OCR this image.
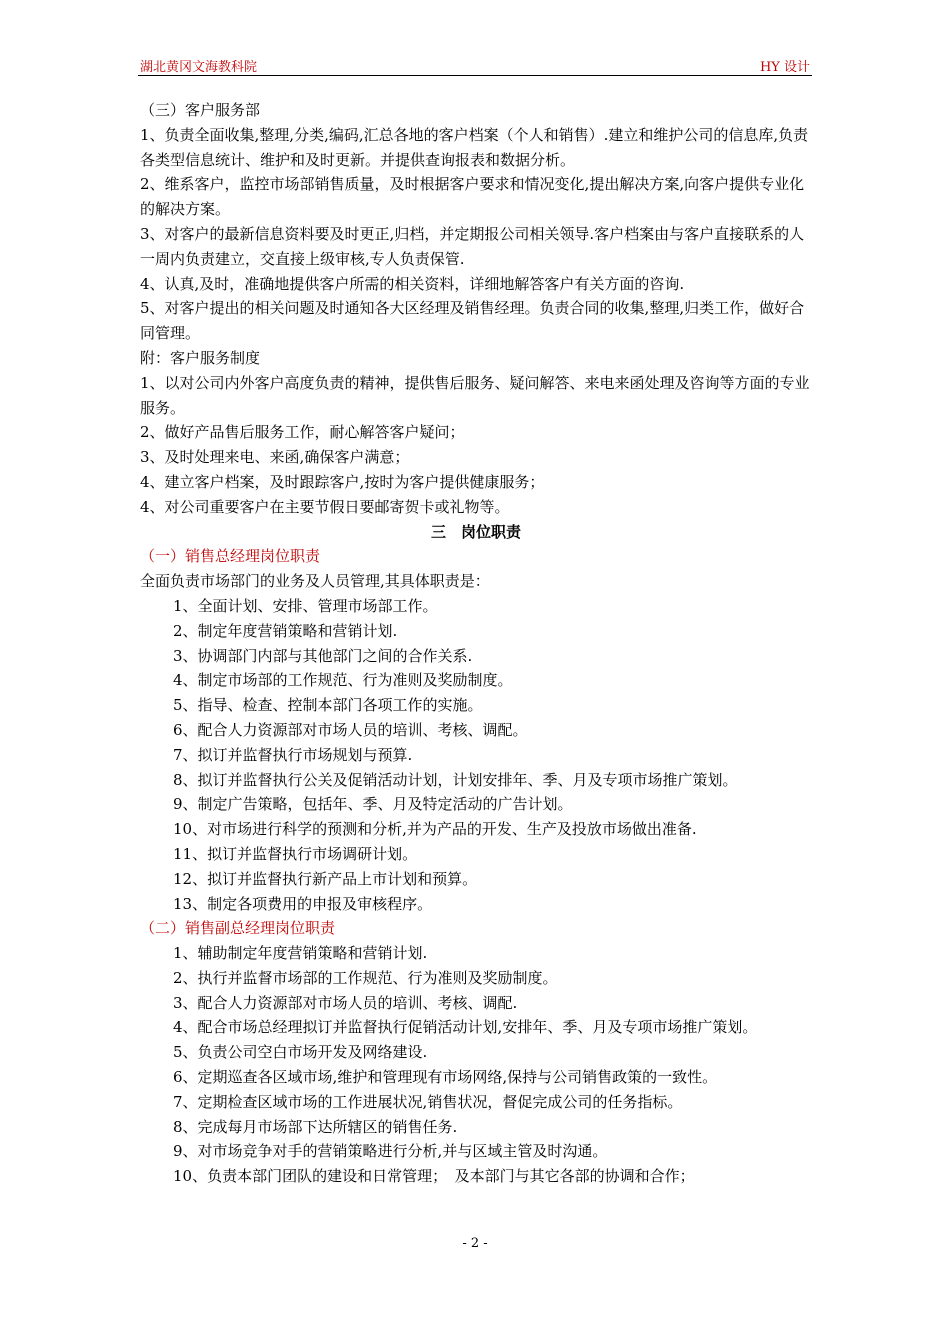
湖北黄冈文海教科院	HY 设计

（三）客户服务部

1、负责全面收集,整理,分类,编码,汇总各地的客户档案（个人和销售）.建立和维护公司的信息库,负责各类型信息统计、维护和及时更新。并提供查询报表和数据分析。

2、维系客户，监控市场部销售质量，及时根据客户要求和情况变化,提出解决方案,向客户提供专业化的解决方案。

3、对客户的最新信息资料要及时更正,归档，并定期报公司相关领导.客户档案由与客户直接联系的人一周内负责建立，交直接上级审核,专人负责保管.

4、认真,及时，准确地提供客户所需的相关资料，详细地解答客户有关方面的咨询.

5、对客户提出的相关问题及时通知各大区经理及销售经理。负责合同的收集,整理,归类工作，做好合同管理。

附：客户服务制度

1、以对公司内外客户高度负责的精神，提供售后服务、疑问解答、来电来函处理及咨询等方面的专业服务。

2、做好产品售后服务工作，耐心解答客户疑问；

3、及时处理来电、来函,确保客户满意；

4、建立客户档案，及时跟踪客户,按时为客户提供健康服务；

4、对公司重要客户在主要节假日要邮寄贺卡或礼物等。

三　岗位职责

（一）销售总经理岗位职责

全面负责市场部门的业务及人员管理,其具体职责是：

1、全面计划、安排、管理市场部工作。

2、制定年度营销策略和营销计划.

3、协调部门内部与其他部门之间的合作关系.

4、制定市场部的工作规范、行为准则及奖励制度。

5、指导、检查、控制本部门各项工作的实施。

6、配合人力资源部对市场人员的培训、考核、调配。

7、拟订并监督执行市场规划与预算.

8、拟订并监督执行公关及促销活动计划，计划安排年、季、月及专项市场推广策划。

9、制定广告策略，包括年、季、月及特定活动的广告计划。

10、对市场进行科学的预测和分析,并为产品的开发、生产及投放市场做出准备.

11、拟订并监督执行市场调研计划。

12、拟订并监督执行新产品上市计划和预算。

13、制定各项费用的申报及审核程序。

（二）销售副总经理岗位职责

1、辅助制定年度营销策略和营销计划.

2、执行并监督市场部的工作规范、行为准则及奖励制度。

3、配合人力资源部对市场人员的培训、考核、调配.

4、配合市场总经理拟订并监督执行促销活动计划,安排年、季、月及专项市场推广策划。

5、负责公司空白市场开发及网络建设.

6、定期巡查各区域市场,维护和管理现有市场网络,保持与公司销售政策的一致性。

7、定期检查区域市场的工作进展状况,销售状况，督促完成公司的任务指标。

8、完成每月市场部下达所辖区的销售任务.

9、对市场竞争对手的营销策略进行分析,并与区域主管及时沟通。

10、负责本部门团队的建设和日常管理；　及本部门与其它各部的协调和合作；

- 2 -
